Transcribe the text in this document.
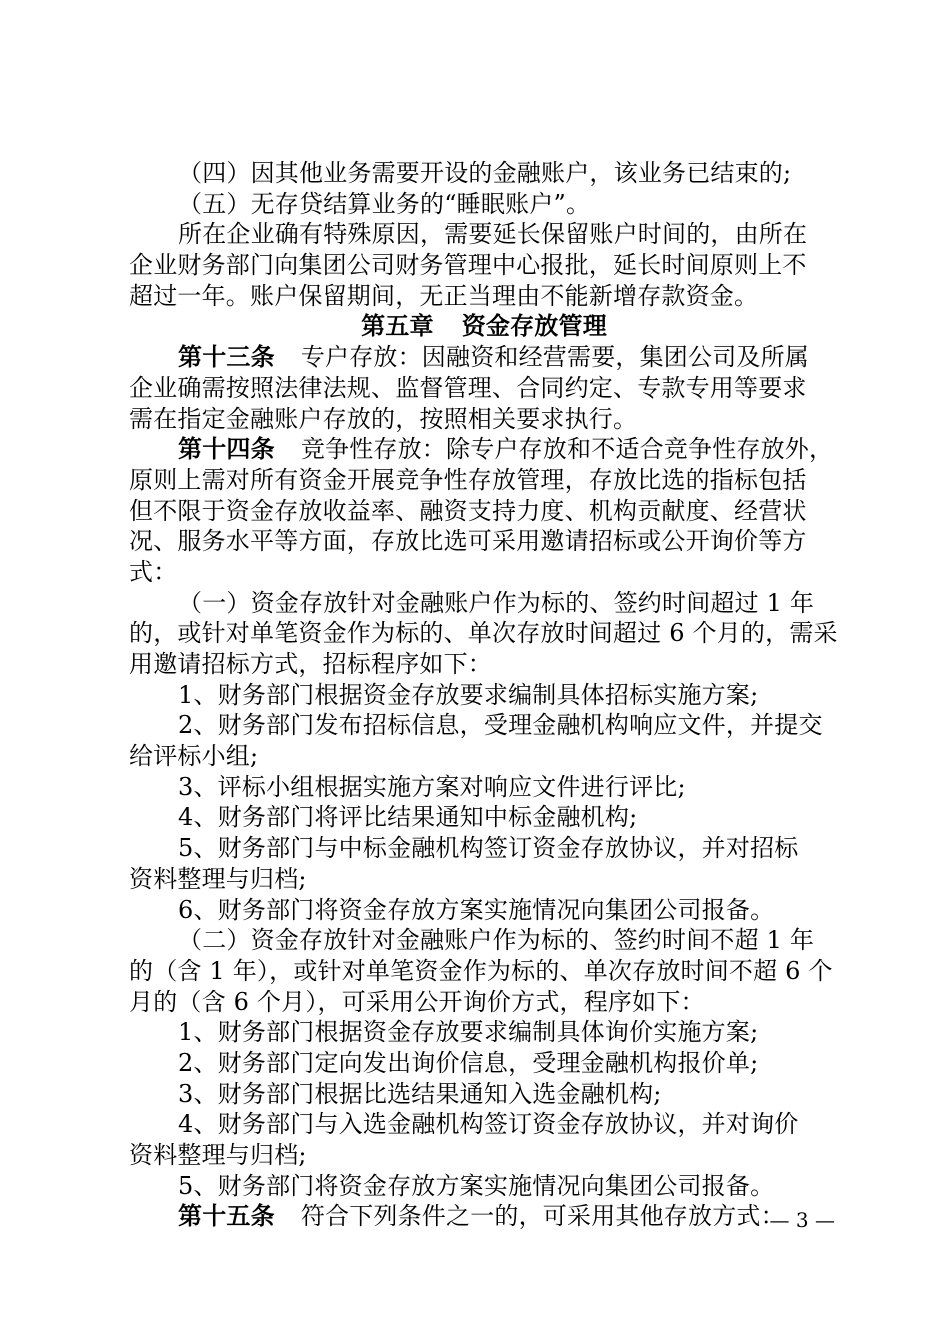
（四）因其他业务需要开设的金融账户，该业务已结束的;
（五）无存贷结算业务的“睡眠账户”。
所在企业确有特殊原因，需要延长保留账户时间的，由所在
企业财务部门向集团公司财务管理中心报批，延长时间原则上不
超过一年。账户保留期间，无正当理由不能新增存款资金。
第五章 资金存放管理
第十三条 专户存放：因融资和经营需要，集团公司及所属
企业确需按照法律法规、监督管理、合同约定、专款专用等要求
需在指定金融账户存放的，按照相关要求执行。
第十四条 竞争性存放：除专户存放和不适合竞争性存放外，
原则上需对所有资金开展竞争性存放管理，存放比选的指标包括
但不限于资金存放收益率、融资支持力度、机构贡献度、经营状
况、服务水平等方面，存放比选可采用邀请招标或公开询价等方
式：
（一）资金存放针对金融账户作为标的、签约时间超过 1 年
的，或针对单笔资金作为标的、单次存放时间超过 6 个月的，需采
用邀请招标方式，招标程序如下：
1、财务部门根据资金存放要求编制具体招标实施方案;
2、财务部门发布招标信息，受理金融机构响应文件，并提交
给评标小组;
3、评标小组根据实施方案对响应文件进行评比;
4、财务部门将评比结果通知中标金融机构;
5、财务部门与中标金融机构签订资金存放协议，并对招标
资料整理与归档;
6、财务部门将资金存放方案实施情况向集团公司报备。
（二）资金存放针对金融账户作为标的、签约时间不超 1 年
的（含 1 年），或针对单笔资金作为标的、单次存放时间不超 6 个
月的（含 6 个月），可采用公开询价方式，程序如下：
1、财务部门根据资金存放要求编制具体询价实施方案;
2、财务部门定向发出询价信息，受理金融机构报价单;
3、财务部门根据比选结果通知入选金融机构;
4、财务部门与入选金融机构签订资金存放协议，并对询价
资料整理与归档;
5、财务部门将资金存放方案实施情况向集团公司报备。
第十五条 符合下列条件之一的，可采用其他存放方式：
— 3 —
